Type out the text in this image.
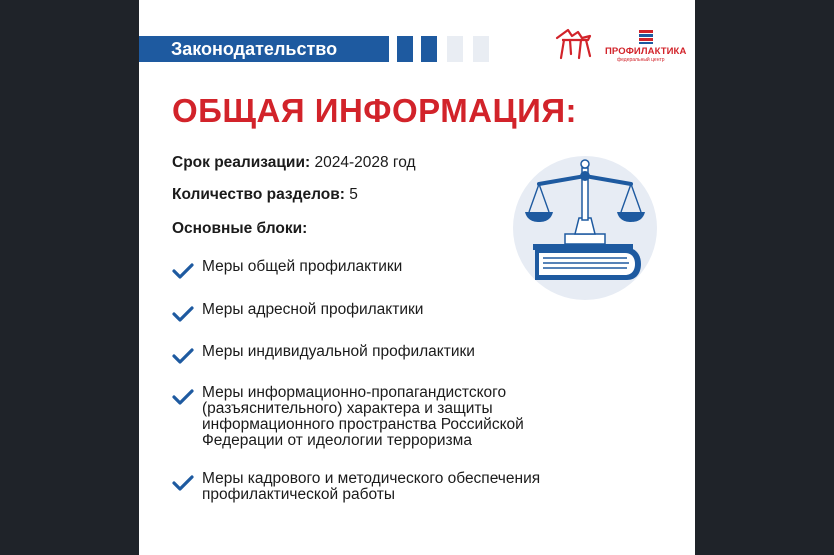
Законодательство	ПРОФИЛАКТИКА
федеральный центр
ОБЩАЯ ИНФОРМАЦИЯ:
Срок реализации: 2024-2028 год
Количество разделов: 5
Основные блоки:
Меры общей профилактики
Меры адресной профилактики
Меры индивидуальной профилактики
Меры информационно-пропагандистского (разъяснительного) характера и защиты информационного пространства Российской Федерации от идеологии терроризма
Меры кадрового и методического обеспечения профилактической работы
